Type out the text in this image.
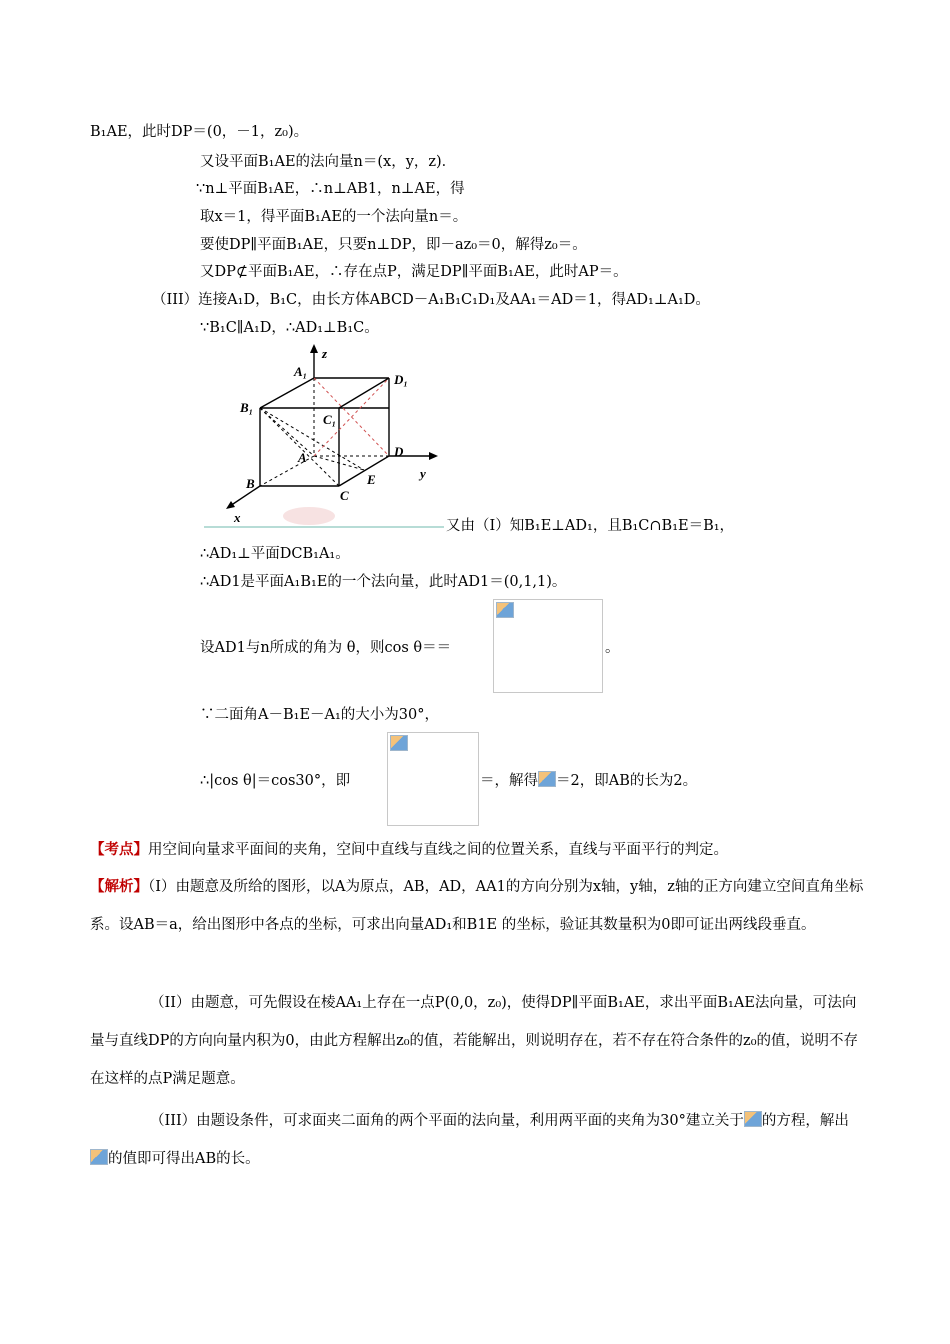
B₁AE，此时DP＝(0，－1，z₀)。
又设平面B₁AE的法向量n＝(x，y，z)．
∵n⊥平面B₁AE，∴n⊥AB1，n⊥AE，得
取x＝1，得平面B₁AE的一个法向量n＝。
要使DP∥平面B₁AE，只要n⊥DP，即－az₀＝0，解得z₀＝。
又DP⊄平面B₁AE，∴存在点P，满足DP∥平面B₁AE，此时AP＝。
（III）连接A₁D，B₁C，由长方体ABCD－A₁B₁C₁D₁及AA₁＝AD＝1，得AD₁⊥A₁D。
∵B₁C∥A₁D，∴AD₁⊥B₁C。
z
A₁
D₁
B₁
C₁
A	D
y
B
C
E
x
又由（I）知B₁E⊥AD₁，且B₁C∩B₁E＝B₁，
∴AD₁⊥平面DCB₁A₁。
∴AD1是平面A₁B₁E的一个法向量，此时AD1＝(0,1,1)。
设AD1与n所成的角为 θ，则cos θ＝＝	。
∵二面角A－B₁E－A₁的大小为30°，
∴|cos θ|＝cos30°，即	＝，解得 ＝2，即AB的长为2。
【考点】用空间向量求平面间的夹角，空间中直线与直线之间的位置关系，直线与平面平行的判定。
【解析】（Ⅰ）由题意及所给的图形，以A为原点，AB，AD，AA1的方向分别为x轴，y轴，z轴的正方向建立空间直角坐标系。设AB＝a，给出图形中各点的坐标，可求出向量AD₁和B1E 的坐标，验证其数量积为0即可证出两线段垂直。
（II）由题意，可先假设在棱AA₁上存在一点P(0,0，z₀)，使得DP∥平面B₁AE，求出平面B₁AE法向量，可法向量与直线DP的方向向量内积为0，由此方程解出z₀的值，若能解出，则说明存在，若不存在符合条件的z₀的值，说明不存在这样的点P满足题意。
（III）由题设条件，可求面夹二面角的两个平面的法向量，利用两平面的夹角为30°建立关于 的方程，解出的值即可得出AB的长。
